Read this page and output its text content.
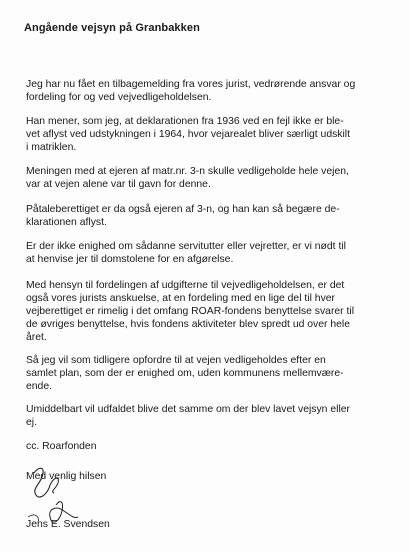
Angående vejsyn på Granbakken
Jeg har nu fået en tilbagemelding fra vores jurist, vedrørende ansvar og
fordeling for og ved vejvedligeholdelsen.
Han mener, som jeg, at deklarationen fra 1936 ved en fejl ikke er ble-
vet aflyst ved udstykningen i 1964, hvor vejarealet bliver særligt udskilt
i matriklen.
Meningen med at ejeren af matr.nr. 3-n skulle vedligeholde hele vejen,
var at vejen alene var til gavn for denne.
Påtaleberettiget er da også ejeren af 3-n, og han kan så begære de-
klarationen aflyst.
Er der ikke enighed om sådanne servitutter eller vejretter, er vi nødt til
at henvise jer til domstolene for en afgørelse.
Med hensyn til fordelingen af udgifterne til vejvedligeholdelsen, er det
også vores jurists anskuelse, at en fordeling med en lige del til hver
vejberettiget er rimelig i det omfang ROAR-fondens benyttelse svarer til
de øvriges benyttelse, hvis fondens aktiviteter blev spredt ud over hele
året.
Så jeg vil som tidligere opfordre til at vejen vedligeholdes efter en
samlet plan, som der er enighed om, uden kommunens mellemvære-
ende.
Umiddelbart vil udfaldet blive det samme om der blev lavet vejsyn eller
ej.
cc. Roarfonden
Med venlig hilsen
Jens E. Svendsen
